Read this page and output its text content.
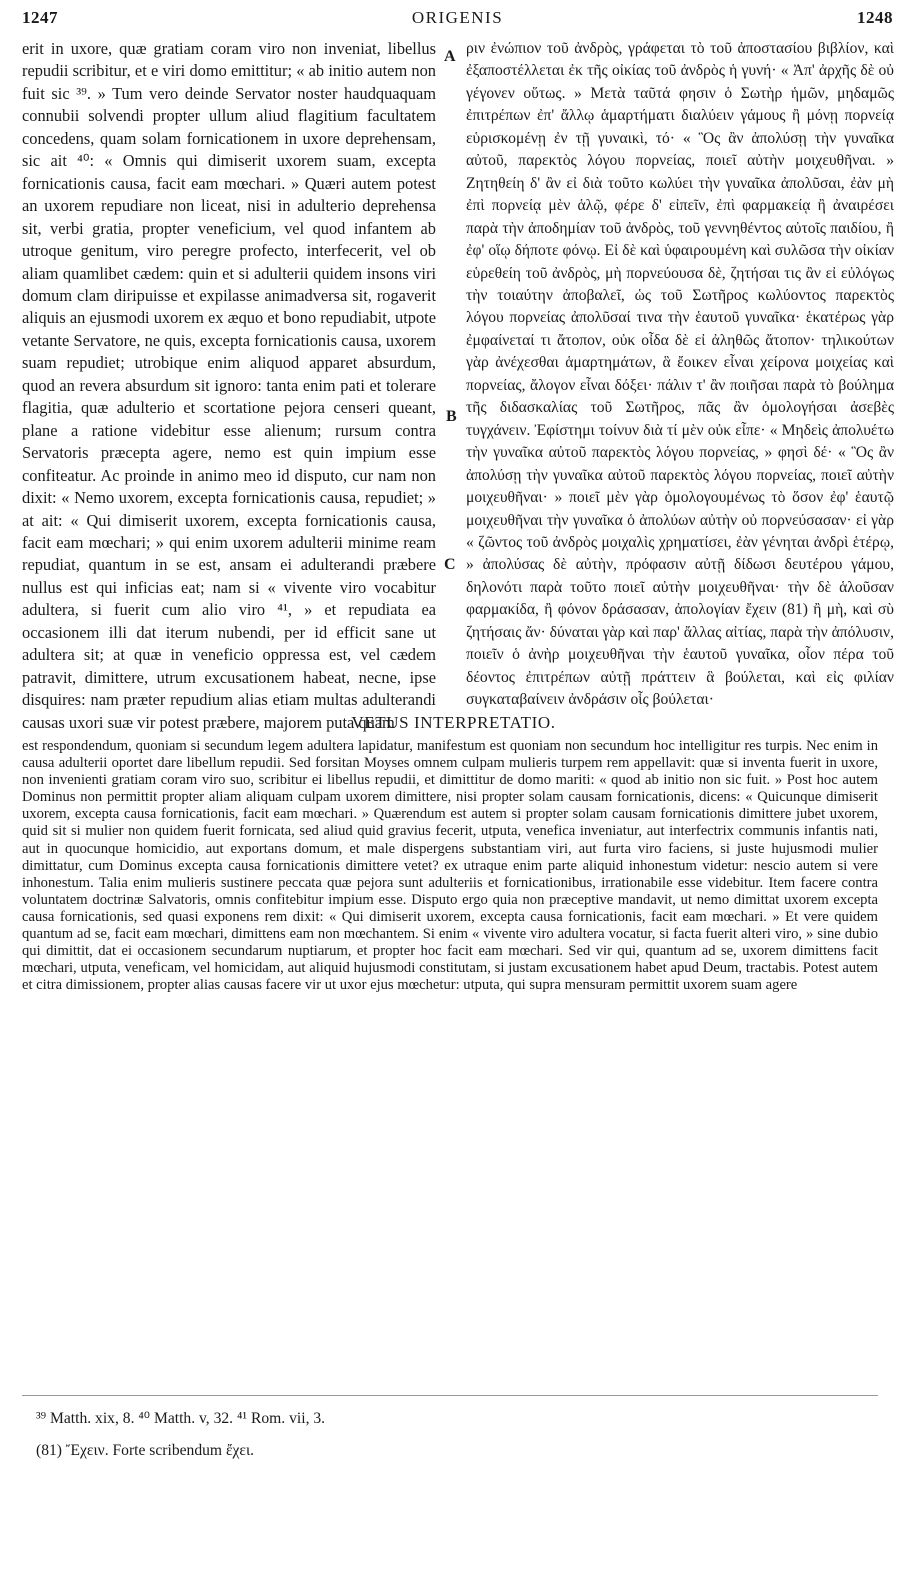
1247	ORIGENIS	1248

erit in uxore, quæ gratiam coram viro non inveniat, libellus repudii scribitur, et e viri domo emittitur; « ab initio autem non fuit sic ³⁹. » Tum vero deinde Servator noster haudquaquam connubii solvendi propter ullum aliud flagitium facultatem concedens, quam solam fornicationem in uxore deprehensam, sic ait ⁴⁰: « Omnis qui dimiserit uxorem suam, excepta fornicationis causa, facit eam mœchari. » Quæri autem potest an uxorem repudiare non liceat, nisi in adulterio deprehensa sit, verbi gratia, propter veneficium, vel quod infantem ab utroque genitum, viro peregre profecto, interfecerit, vel ob aliam quamlibet cædem: quin et si adulterii quidem insons viri domum clam diripuisse et expilasse animadversa sit, rogaverit aliquis an ejusmodi uxorem ex æquo et bono repudiabit, utpote vetante Servatore, ne quis, excepta fornicationis causa, uxorem suam repudiet; utrobique enim aliquod apparet absurdum, quod an revera absurdum sit ignoro: tanta enim pati et tolerare flagitia, quæ adulterio et scortatione pejora censeri queant, plane a ratione videbitur esse alienum; rursum contra Servatoris præcepta agere, nemo est quin impium esse confiteatur. Ac proinde in animo meo id disputo, cur nam non dixit: « Nemo uxorem, excepta fornicationis causa, repudiet; » at ait: « Qui dimiserit uxorem, excepta fornicationis causa, facit eam mœchari; » qui enim uxorem adulterii minime ream repudiat, quantum in se est, ansam ei adulterandi præbere nullus est qui inficias eat; nam si « vivente viro vocabitur adultera, si fuerit cum alio viro ⁴¹, » et repudiata ea occasionem illi dat iterum nubendi, per id efficit sane ut adultera sit; at quæ in veneficio oppressa est, vel cædem patravit, dimittere, utrum excusationem habeat, necne, ipse disquires: nam præter repudium alias etiam multas adulterandi causas uxori suæ vir potest præbere, majorem puta quam

A
B
C

ριν ἐνώπιον τοῦ ἀνδρὸς, γράφεται τὸ τοῦ ἀποστασίου βιβλίον, καὶ ἐξαποστέλλεται ἐκ τῆς οἰκίας τοῦ ἀνδρὸς ἡ γυνή· « Ἀπ' ἀρχῆς δὲ οὐ γέγονεν οὕτως. » Μετὰ ταῦτά φησιν ὁ Σωτὴρ ἡμῶν, μηδαμῶς ἐπιτρέπων ἐπ' ἄλλῳ ἁμαρτήματι διαλύειν γάμους ἢ μόνῃ πορνείᾳ εὑρισκομένῃ ἐν τῇ γυναικὶ, τό· « Ὃς ἂν ἀπολύσῃ τὴν γυναῖκα αὐτοῦ, παρεκτὸς λόγου πορνείας, ποιεῖ αὐτὴν μοιχευθῆναι. » Ζητηθείη δ' ἂν εἰ διὰ τοῦτο κωλύει τὴν γυναῖκα ἀπολῦσαι, ἐὰν μὴ ἐπὶ πορνείᾳ μὲν ἁλῷ, φέρε δ' εἰπεῖν, ἐπὶ φαρμακείᾳ ἢ ἀναιρέσει παρὰ τὴν ἀποδημίαν τοῦ ἀνδρὸς, τοῦ γεννηθέντος αὐτοῖς παιδίου, ἢ ἐφ' οἵῳ δήποτε φόνῳ. Εἰ δὲ καὶ ὑφαιρουμένη καὶ συλῶσα τὴν οἰκίαν εὑρεθείη τοῦ ἀνδρὸς, μὴ πορνεύουσα δὲ, ζητήσαι τις ἂν εἰ εὐλόγως τὴν τοιαύτην ἀποβαλεῖ, ὡς τοῦ Σωτῆρος κωλύοντος παρεκτὸς λόγου πορνείας ἀπολῦσαί τινα τὴν ἑαυτοῦ γυναῖκα· ἑκατέρως γὰρ ἐμφαίνεταί τι ἄτοπον, οὐκ οἶδα δὲ εἰ ἀληθῶς ἄτοπον· τηλικούτων γὰρ ἀνέχεσθαι ἁμαρτημάτων, ἃ ἔοικεν εἶναι χείρονα μοιχείας καὶ πορνείας, ἄλογον εἶναι δόξει· πάλιν τ' ἂν ποιῆσαι παρὰ τὸ βούλημα τῆς διδασκαλίας τοῦ Σωτῆρος, πᾶς ἂν ὁμολογήσαι ἀσεβὲς τυγχάνειν. Ἐφίστημι τοίνυν διὰ τί μὲν οὐκ εἶπε· « Μηδεὶς ἀπολυέτω τὴν γυναῖκα αὐτοῦ παρεκτὸς λόγου πορνείας, » φησὶ δέ· « Ὃς ἂν ἀπολύσῃ τὴν γυναῖκα αὐτοῦ παρεκτὸς λόγου πορνείας, ποιεῖ αὐτὴν μοιχευθῆναι· » ποιεῖ μὲν γὰρ ὁμολογουμένως τὸ ὅσον ἐφ' ἑαυτῷ μοιχευθῆναι τὴν γυναῖκα ὁ ἀπολύων αὐτὴν οὐ πορνεύσασαν· εἰ γὰρ « ζῶντος τοῦ ἀνδρὸς μοιχαλὶς χρηματίσει, ἐὰν γένηται ἀνδρὶ ἑτέρῳ, » ἀπολύσας δὲ αὐτὴν, πρόφασιν αὐτῇ δίδωσι δευτέρου γάμου, δηλονότι παρὰ τοῦτο ποιεῖ αὐτὴν μοιχευθῆναι· τὴν δὲ ἁλοῦσαν φαρμακίδα, ἢ φόνον δράσασαν, ἀπολογίαν ἔχειν (81) ἢ μὴ, καὶ σὺ ζητήσαις ἄν· δύναται γὰρ καὶ παρ' ἄλλας αἰτίας, παρὰ τὴν ἀπόλυσιν, ποιεῖν ὁ ἀνὴρ μοιχευθῆναι τὴν ἑαυτοῦ γυναῖκα, οἷον πέρα τοῦ δέοντος ἐπιτρέπων αὐτῇ πράττειν ἃ βούλεται, καὶ εἰς φιλίαν συγκαταβαίνειν ἀνδράσιν οἷς βούλεται·

VETUS INTERPRETATIO.
est respondendum, quoniam si secundum legem adultera lapidatur, manifestum est quoniam non secundum hoc intelligitur res turpis. Nec enim in causa adulterii oportet dare libellum repudii. Sed forsitan Moyses omnem culpam mulieris turpem rem appellavit: quæ si inventa fuerit in uxore, non invenienti gratiam coram viro suo, scribitur ei libellus repudii, et dimittitur de domo mariti: « quod ab initio non sic fuit. » Post hoc autem Dominus non permittit propter aliam aliquam culpam uxorem dimittere, nisi propter solam causam fornicationis, dicens: « Quicunque dimiserit uxorem, excepta causa fornicationis, facit eam mœchari. » Quærendum est autem si propter solam causam fornicationis dimittere jubet uxorem, quid sit si mulier non quidem fuerit fornicata, sed aliud quid gravius fecerit, utputa, venefica inveniatur, aut interfectrix communis infantis nati, aut in quocunque homicidio, aut exportans domum, et male dispergens substantiam viri, aut furta viro faciens, si juste hujusmodi mulier dimittatur, cum Dominus excepta causa fornicationis dimittere vetet? ex utraque enim parte aliquid inhonestum videtur: nescio autem si vere inhonestum. Talia enim mulieris sustinere peccata quæ pejora sunt adulteriis et fornicationibus, irrationabile esse videbitur. Item facere contra voluntatem doctrinæ Salvatoris, omnis confitebitur impium esse. Disputo ergo quia non præceptive mandavit, ut nemo dimittat uxorem excepta causa fornicationis, sed quasi exponens rem dixit: « Qui dimiserit uxorem, excepta causa fornicationis, facit eam mœchari. » Et vere quidem quantum ad se, facit eam mœchari, dimittens eam non mœchantem. Si enim « vivente viro adultera vocatur, si facta fuerit alteri viro, » sine dubio qui dimittit, dat ei occasionem secundarum nuptiarum, et propter hoc facit eam mœchari. Sed vir qui, quantum ad se, uxorem dimittens facit mœchari, utputa, veneficam, vel homicidam, aut aliquid hujusmodi constitutam, si justam excusationem habet apud Deum, tractabis. Potest autem et citra dimissionem, propter alias causas facere vir ut uxor ejus mœchetur: utputa, qui supra mensuram permittit uxorem suam agere
³⁹ Matth. xix, 8. ⁴⁰ Matth. v, 32. ⁴¹ Rom. vii, 3.
(81) Ἔχειν. Forte scribendum ἔχει.
